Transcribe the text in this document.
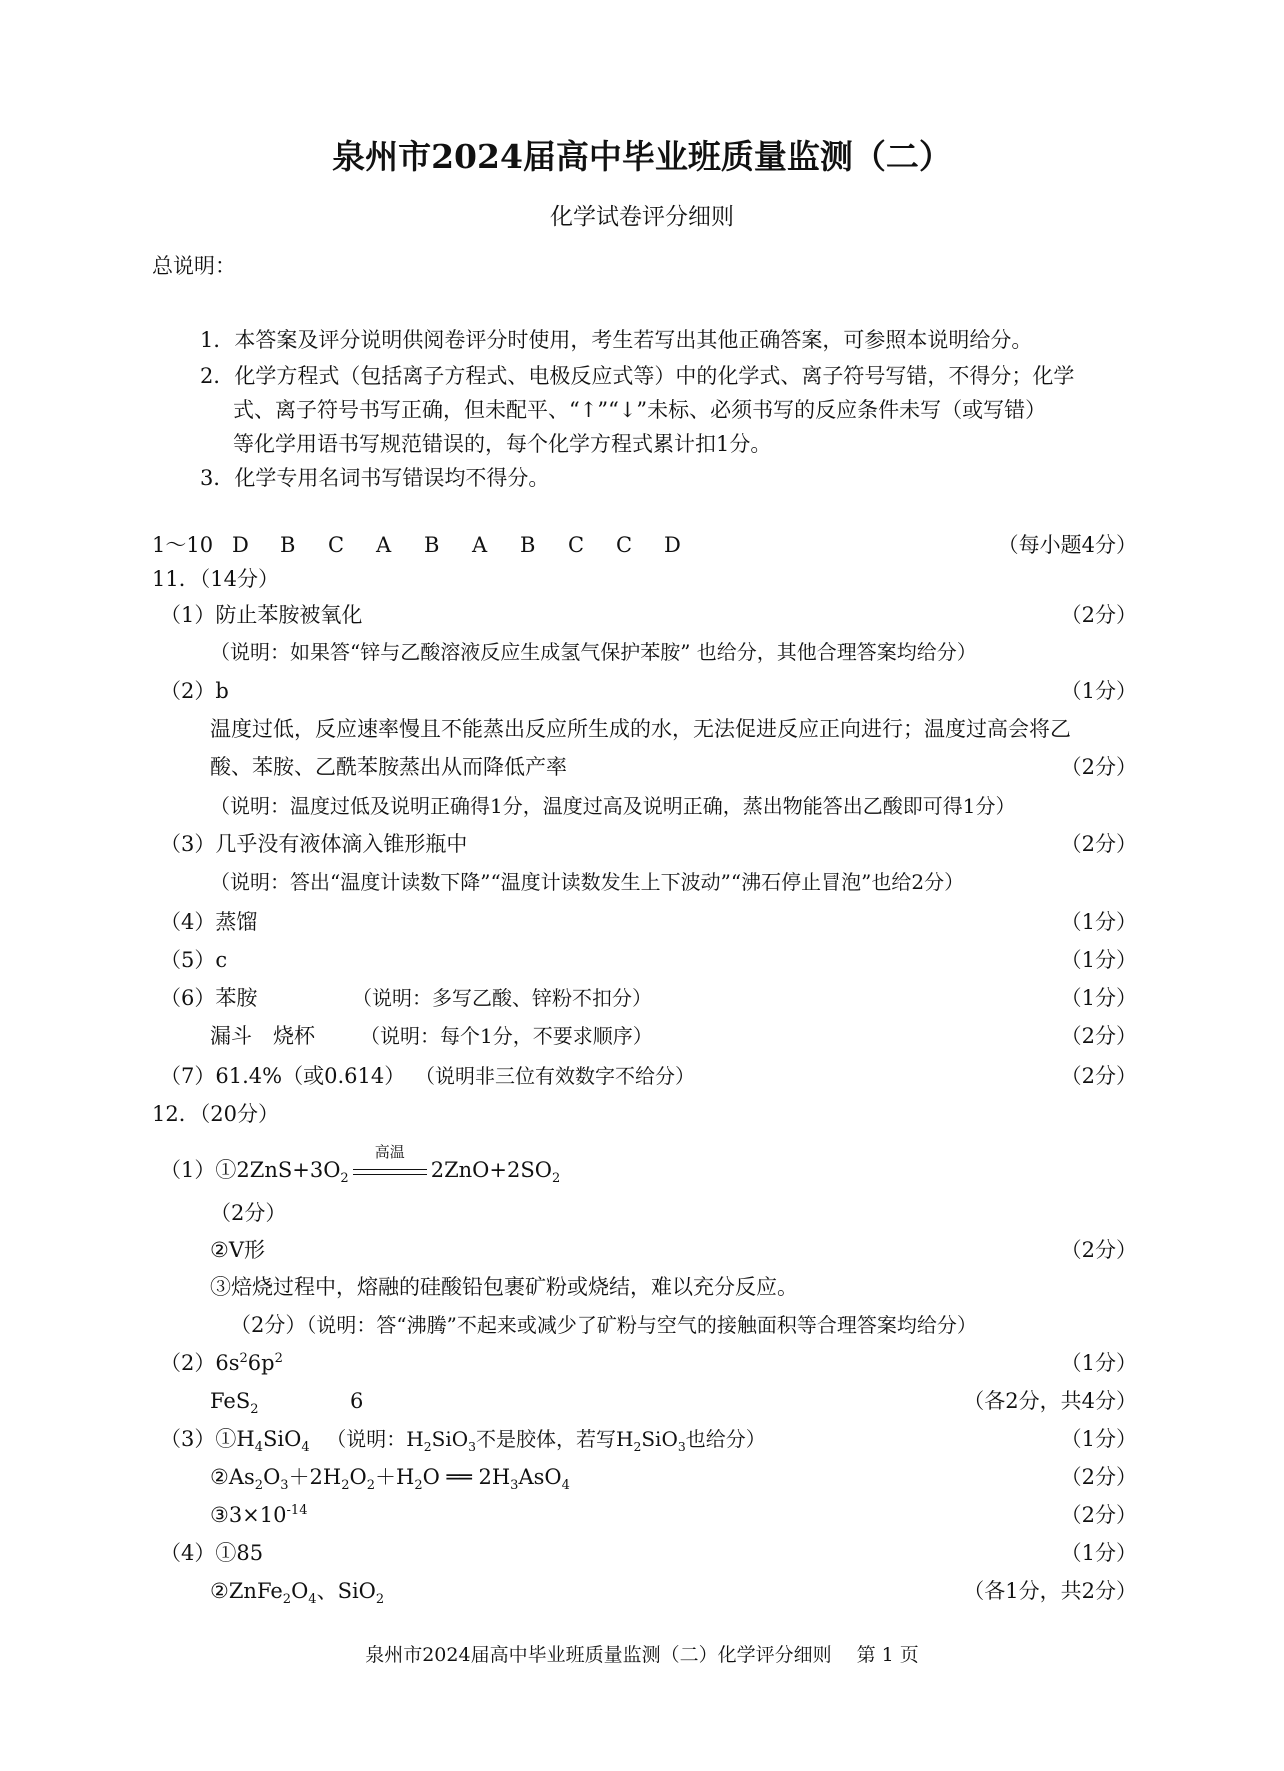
泉州市2024届高中毕业班质量监测（二）
化学试卷评分细则
总说明：
1．本答案及评分说明供阅卷评分时使用，考生若写出其他正确答案，可参照本说明给分。
2．化学方程式（包括离子方程式、电极反应式等）中的化学式、离子符号写错，不得分；化学
式、离子符号书写正确，但未配平、“↑”“↓”未标、必须书写的反应条件未写（或写错）
等化学用语书写规范错误的，每个化学方程式累计扣1分。
3．化学专用名词书写错误均不得分。
1～10 D B C A B A B C C D	（每小题4分）
11．（14分）
（1）防止苯胺被氧化	（2分）
（说明：如果答“锌与乙酸溶液反应生成氢气保护苯胺” 也给分，其他合理答案均给分）
（2）b	（1分）
温度过低，反应速率慢且不能蒸出反应所生成的水，无法促进反应正向进行；温度过高会将乙
酸、苯胺、乙酰苯胺蒸出从而降低产率	（2分）
（说明：温度过低及说明正确得1分，温度过高及说明正确，蒸出物能答出乙酸即可得1分）
（3）几乎没有液体滴入锥形瓶中	（2分）
（说明：答出“温度计读数下降”“温度计读数发生上下波动”“沸石停止冒泡”也给2分）
（4）蒸馏	（1分）
（5）c	（1分）
（6）苯胺	（说明：多写乙酸、锌粉不扣分）	（1分）
漏斗　烧杯 （说明：每个1分，不要求顺序）	（2分）
（7）61.4%（或0.614） （说明非三位有效数字不给分）	（2分）
12．（20分）
$(1)①2ZnS+3O_2$
高温
$2ZnO+2SO_2$
（2分）
②V形	（2分）
③焙烧过程中，熔融的硅酸铅包裹矿粉或烧结，难以充分反应。
（2分）（说明：答“沸腾”不起来或减少了矿粉与空气的接触面积等合理答案均给分）
$(2)6s^26p^2$	（1分）
FeS$_2$	6	（各2分，共4分）
$(3)①H_4SiO_4$ （说明：$H_2SiO_3$不是胶体，若写$H_2SiO_3$也给分）	（1分）
$②As_2O_3+2H_2O_2+H_2O$ ══ $2H_3AsO_4$	（2分）
$③3\times 10^{-14}$	（2分）
（4）①85	（1分）
$②ZnFe_2O_4$、SiO$_2$	（各1分，共2分）
泉州市2024届高中毕业班质量监测（二）化学评分细则　 第 1 页
